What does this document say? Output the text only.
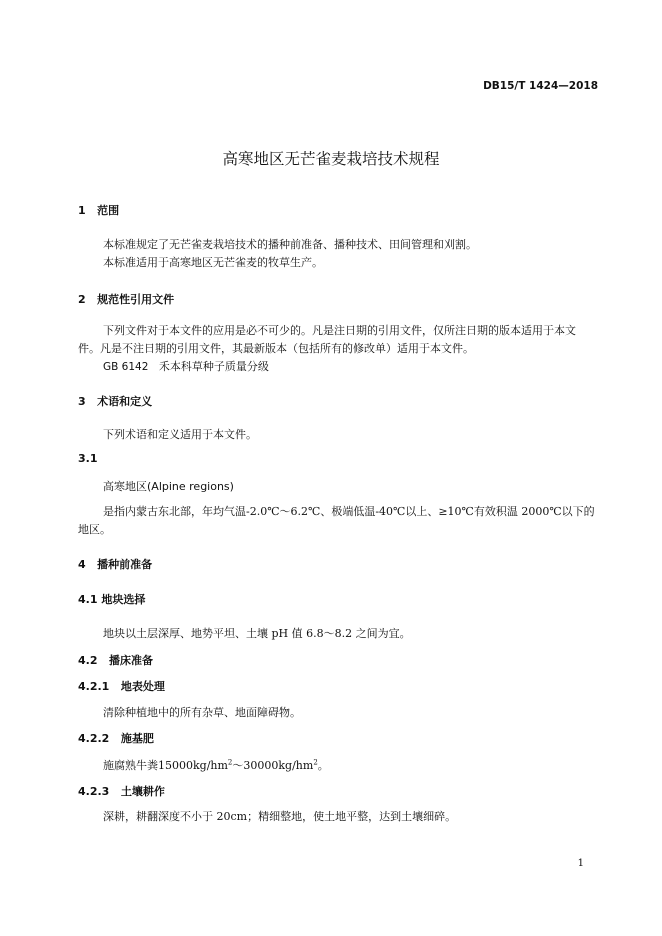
DB15/T 1424—2018
高寒地区无芒雀麦栽培技术规程
1 范围
本标准规定了无芒雀麦栽培技术的播种前准备、播种技术、田间管理和刈割。
本标准适用于高寒地区无芒雀麦的牧草生产。
2 规范性引用文件
下列文件对于本文件的应用是必不可少的。凡是注日期的引用文件，仅所注日期的版本适用于本文
件。凡是不注日期的引用文件，其最新版本（包括所有的修改单）适用于本文件。
GB 6142 禾本科草种子质量分级
3 术语和定义
下列术语和定义适用于本文件。
3.1
高寒地区(Alpine regions)
是指内蒙古东北部，年均气温-2.0℃～6.2℃、极端低温-40℃以上、≥10℃有效积温 2000℃以下的
地区。
4 播种前准备
4.1 地块选择
地块以土层深厚、地势平坦、土壤 pH 值 6.8～8.2 之间为宜。
4.2 播床准备
4.2.1 地表处理
清除种植地中的所有杂草、地面障碍物。
4.2.2 施基肥
施腐熟牛粪$15000kg/hm^2\sim 30000kg/hm^2$。
4.2.3 土壤耕作
深耕，耕翻深度不小于 20cm；精细整地，使土地平整，达到土壤细碎。
1
